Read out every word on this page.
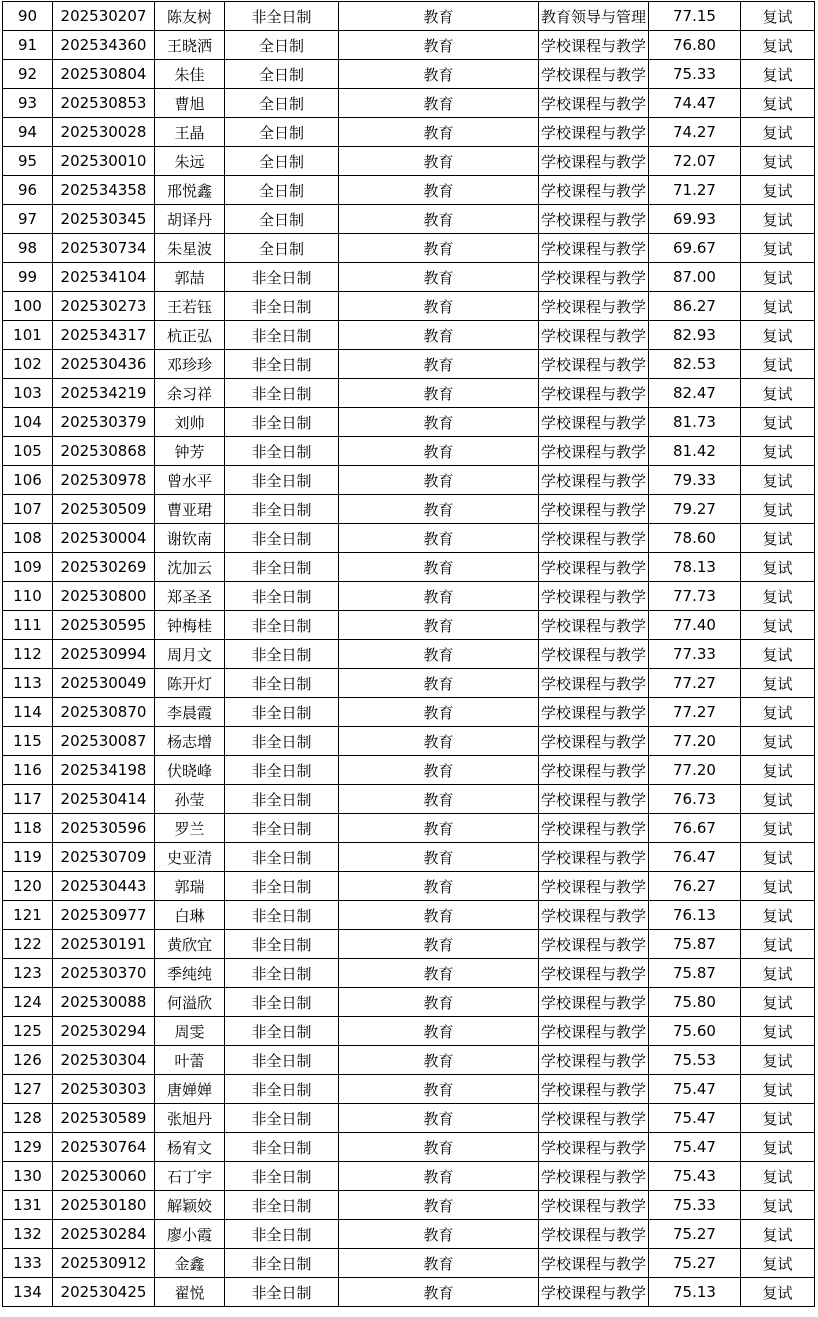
90	202530207	陈友树	非全日制	教育	教育领导与管理	77.15	复试
91	202534360	王晓洒	全日制	教育	学校课程与教学	76.80	复试
92	202530804	朱佳	全日制	教育	学校课程与教学	75.33	复试
93	202530853	曹旭	全日制	教育	学校课程与教学	74.47	复试
94	202530028	王晶	全日制	教育	学校课程与教学	74.27	复试
95	202530010	朱远	全日制	教育	学校课程与教学	72.07	复试
96	202534358	邢悦鑫	全日制	教育	学校课程与教学	71.27	复试
97	202530345	胡译丹	全日制	教育	学校课程与教学	69.93	复试
98	202530734	朱星波	全日制	教育	学校课程与教学	69.67	复试
99	202534104	郭喆	非全日制	教育	学校课程与教学	87.00	复试
100	202530273	王若钰	非全日制	教育	学校课程与教学	86.27	复试
101	202534317	杭正弘	非全日制	教育	学校课程与教学	82.93	复试
102	202530436	邓珍珍	非全日制	教育	学校课程与教学	82.53	复试
103	202534219	余习祥	非全日制	教育	学校课程与教学	82.47	复试
104	202530379	刘帅	非全日制	教育	学校课程与教学	81.73	复试
105	202530868	钟芳	非全日制	教育	学校课程与教学	81.42	复试
106	202530978	曾水平	非全日制	教育	学校课程与教学	79.33	复试
107	202530509	曹亚珺	非全日制	教育	学校课程与教学	79.27	复试
108	202530004	谢钦南	非全日制	教育	学校课程与教学	78.60	复试
109	202530269	沈加云	非全日制	教育	学校课程与教学	78.13	复试
110	202530800	郑圣圣	非全日制	教育	学校课程与教学	77.73	复试
111	202530595	钟梅桂	非全日制	教育	学校课程与教学	77.40	复试
112	202530994	周月文	非全日制	教育	学校课程与教学	77.33	复试
113	202530049	陈开灯	非全日制	教育	学校课程与教学	77.27	复试
114	202530870	李晨霞	非全日制	教育	学校课程与教学	77.27	复试
115	202530087	杨志增	非全日制	教育	学校课程与教学	77.20	复试
116	202534198	伏晓峰	非全日制	教育	学校课程与教学	77.20	复试
117	202530414	孙莹	非全日制	教育	学校课程与教学	76.73	复试
118	202530596	罗兰	非全日制	教育	学校课程与教学	76.67	复试
119	202530709	史亚清	非全日制	教育	学校课程与教学	76.47	复试
120	202530443	郭瑞	非全日制	教育	学校课程与教学	76.27	复试
121	202530977	白琳	非全日制	教育	学校课程与教学	76.13	复试
122	202530191	黄欣宜	非全日制	教育	学校课程与教学	75.87	复试
123	202530370	季纯纯	非全日制	教育	学校课程与教学	75.87	复试
124	202530088	何溢欣	非全日制	教育	学校课程与教学	75.80	复试
125	202530294	周雯	非全日制	教育	学校课程与教学	75.60	复试
126	202530304	叶蕾	非全日制	教育	学校课程与教学	75.53	复试
127	202530303	唐婵婵	非全日制	教育	学校课程与教学	75.47	复试
128	202530589	张旭丹	非全日制	教育	学校课程与教学	75.47	复试
129	202530764	杨宥文	非全日制	教育	学校课程与教学	75.47	复试
130	202530060	石丁宇	非全日制	教育	学校课程与教学	75.43	复试
131	202530180	解颖姣	非全日制	教育	学校课程与教学	75.33	复试
132	202530284	廖小霞	非全日制	教育	学校课程与教学	75.27	复试
133	202530912	金鑫	非全日制	教育	学校课程与教学	75.27	复试
134	202530425	翟悦	非全日制	教育	学校课程与教学	75.13	复试
